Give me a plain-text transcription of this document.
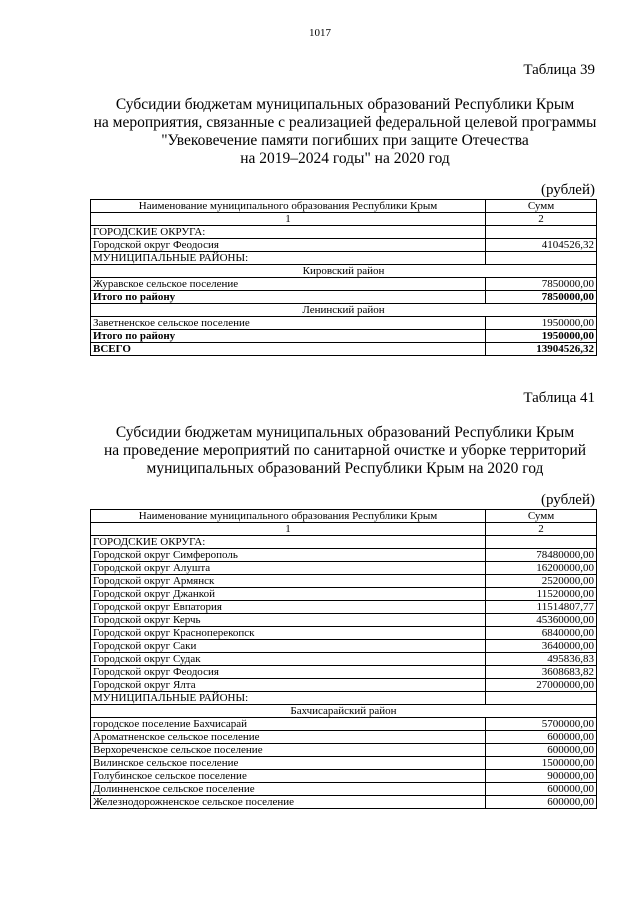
1017
Таблица 39
Субсидии бюджетам муниципальных образований Республики Крым
на мероприятия, связанные с реализацией федеральной целевой программы
"Увековечение памяти погибших при защите Отечества
на 2019–2024 годы" на 2020 год
(рублей)
Наименование муниципального образования Республики Крым	Сумм
1	2
ГОРОДСКИЕ ОКРУГА:	
Городской округ Феодосия	4104526,32
МУНИЦИПАЛЬНЫЕ РАЙОНЫ:	
Кировский район	
Журавское сельское поселение	7850000,00
Итого по району	7850000,00
Ленинский район	
Заветненское сельское поселение	1950000,00
Итого по району	1950000,00
ВСЕГО	13904526,32
Таблица 41
Субсидии бюджетам муниципальных образований Республики Крым
на проведение мероприятий по санитарной очистке и уборке территорий
муниципальных образований Республики Крым на 2020 год
(рублей)
Наименование муниципального образования Республики Крым	Сумм
1	2
ГОРОДСКИЕ ОКРУГА:	
Городской округ Симферополь	78480000,00
Городской округ Алушта	16200000,00
Городской округ Армянск	2520000,00
Городской округ Джанкой	11520000,00
Городской округ Евпатория	11514807,77
Городской округ Керчь	45360000,00
Городской округ Красноперекопск	6840000,00
Городской округ Саки	3640000,00
Городской округ Судак	495836,83
Городской округ Феодосия	3608683,82
Городской округ Ялта	27000000,00
МУНИЦИПАЛЬНЫЕ РАЙОНЫ:	
Бахчисарайский район	
городское поселение Бахчисарай	5700000,00
Ароматненское сельское поселение	600000,00
Верхореченское сельское поселение	600000,00
Вилинское сельское поселение	1500000,00
Голубинское сельское поселение	900000,00
Долинненское сельское поселение	600000,00
Железнодорожненское сельское поселение	600000,00
